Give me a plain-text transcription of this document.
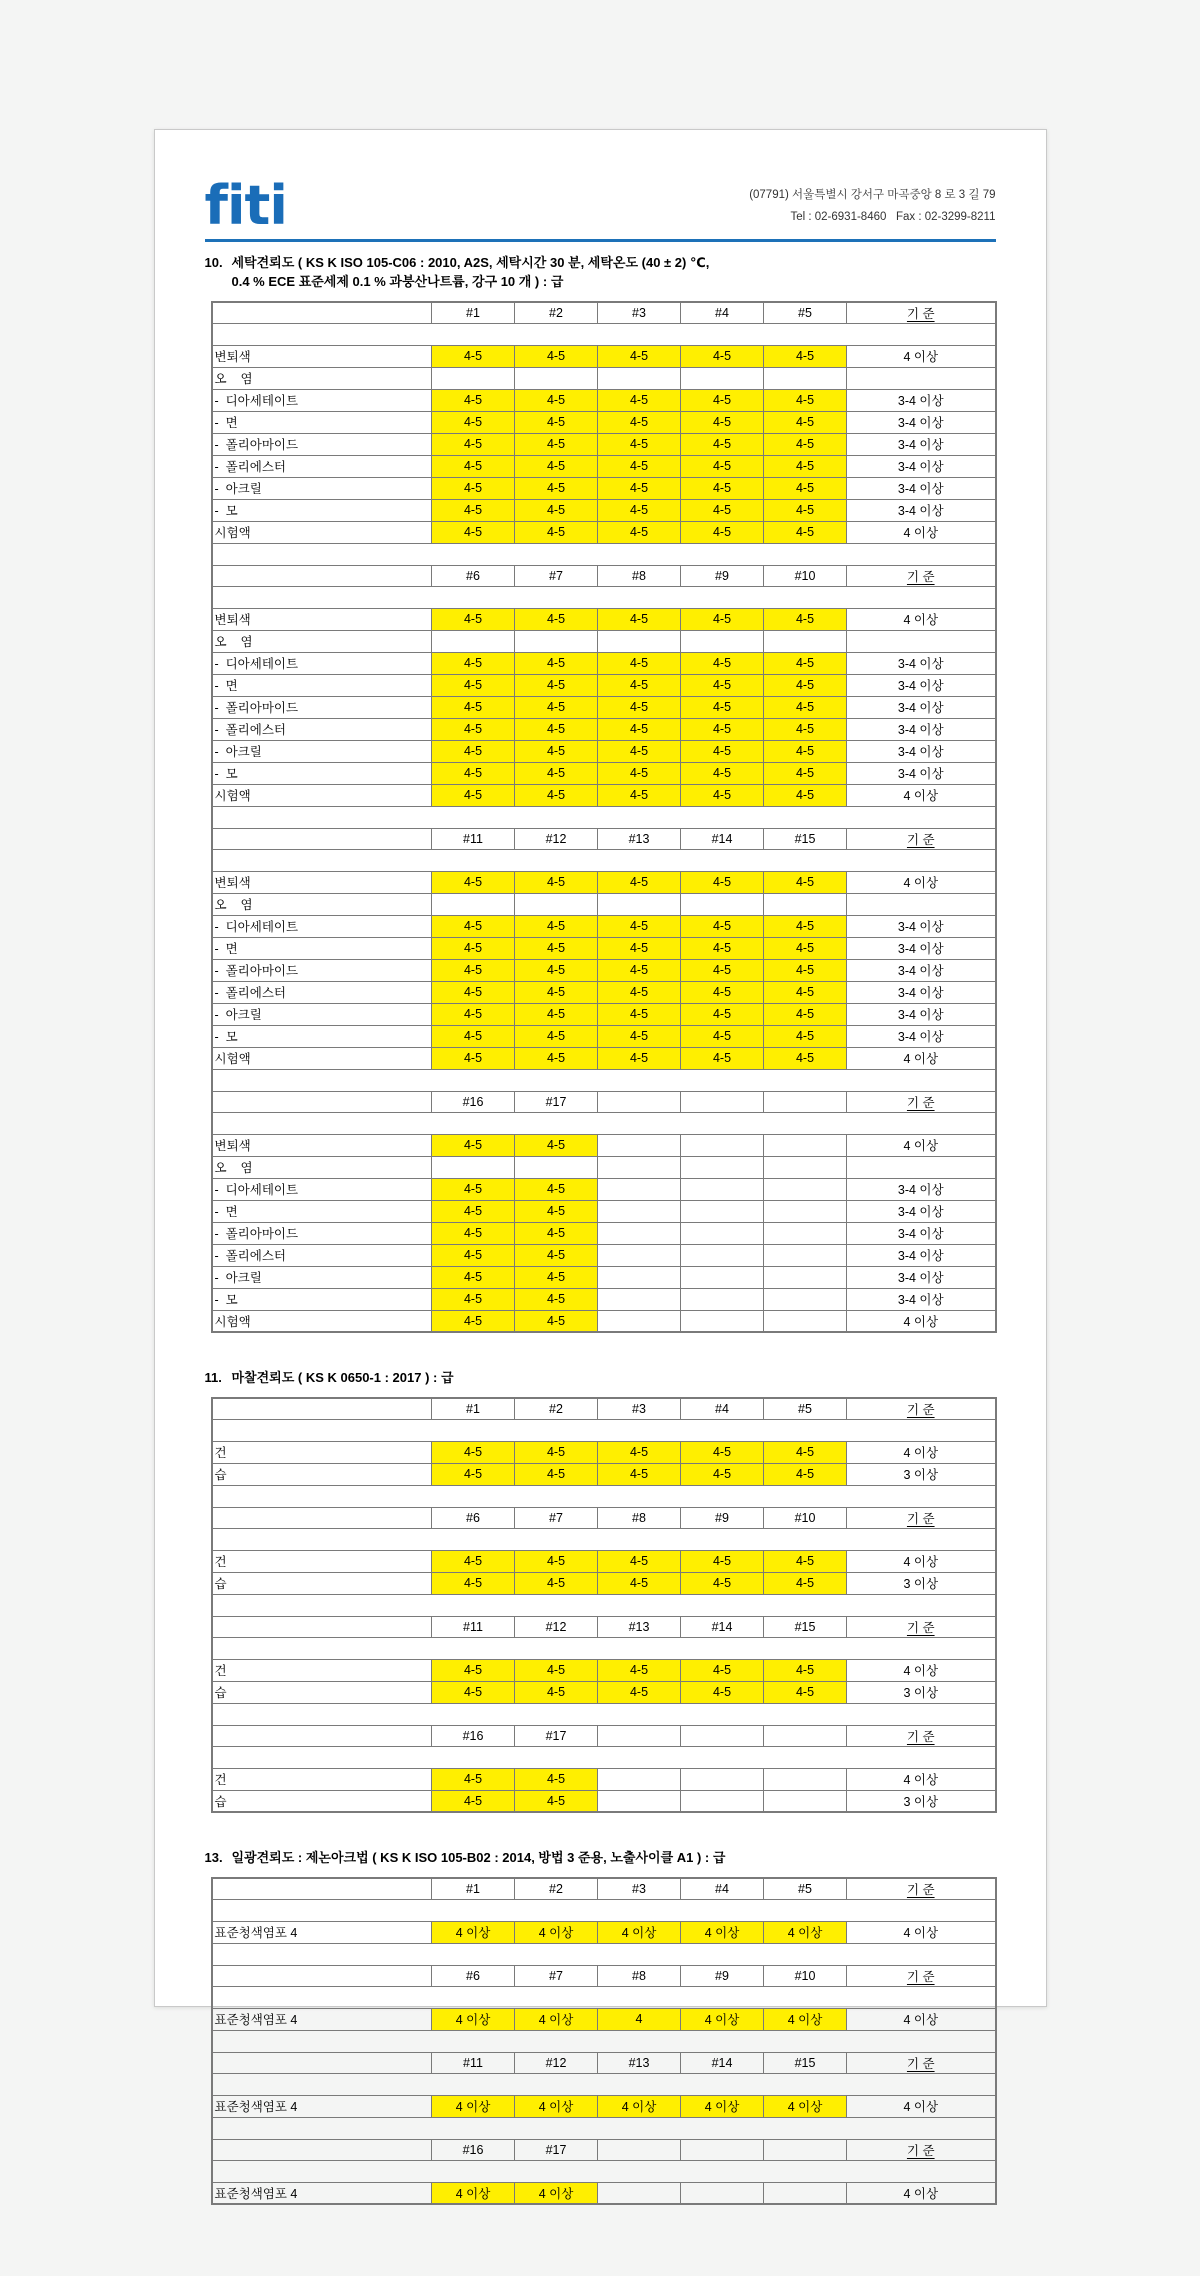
fiti	(07791) 서울특별시 강서구 마곡중앙 8 로 3 길 79
Tel : 02-6931-8460   Fax : 02-3299-8211
10. 세탁견뢰도 ( KS K ISO 105-C06 : 2010, A2S, 세탁시간 30 분, 세탁온도 (40 ± 2) ℃,
0.4 % ECE 표준세제 0.1 % 과붕산나트륨, 강구 10 개 ) : 급
	#1	#2	#3	#4	#5	기 준

변퇴색	4-5	4-5	4-5	4-5	4-5	4 이상
오    염						
-  디아세테이트	4-5	4-5	4-5	4-5	4-5	3-4 이상
-  면	4-5	4-5	4-5	4-5	4-5	3-4 이상
-  폴리아마이드	4-5	4-5	4-5	4-5	4-5	3-4 이상
-  폴리에스터	4-5	4-5	4-5	4-5	4-5	3-4 이상
-  아크릴	4-5	4-5	4-5	4-5	4-5	3-4 이상
-  모	4-5	4-5	4-5	4-5	4-5	3-4 이상
시험액	4-5	4-5	4-5	4-5	4-5	4 이상

	#6	#7	#8	#9	#10	기 준

변퇴색	4-5	4-5	4-5	4-5	4-5	4 이상
오    염						
-  디아세테이트	4-5	4-5	4-5	4-5	4-5	3-4 이상
-  면	4-5	4-5	4-5	4-5	4-5	3-4 이상
-  폴리아마이드	4-5	4-5	4-5	4-5	4-5	3-4 이상
-  폴리에스터	4-5	4-5	4-5	4-5	4-5	3-4 이상
-  아크릴	4-5	4-5	4-5	4-5	4-5	3-4 이상
-  모	4-5	4-5	4-5	4-5	4-5	3-4 이상
시험액	4-5	4-5	4-5	4-5	4-5	4 이상

	#11	#12	#13	#14	#15	기 준

변퇴색	4-5	4-5	4-5	4-5	4-5	4 이상
오    염						
-  디아세테이트	4-5	4-5	4-5	4-5	4-5	3-4 이상
-  면	4-5	4-5	4-5	4-5	4-5	3-4 이상
-  폴리아마이드	4-5	4-5	4-5	4-5	4-5	3-4 이상
-  폴리에스터	4-5	4-5	4-5	4-5	4-5	3-4 이상
-  아크릴	4-5	4-5	4-5	4-5	4-5	3-4 이상
-  모	4-5	4-5	4-5	4-5	4-5	3-4 이상
시험액	4-5	4-5	4-5	4-5	4-5	4 이상

	#16	#17				기 준

변퇴색	4-5	4-5				4 이상
오    염						
-  디아세테이트	4-5	4-5				3-4 이상
-  면	4-5	4-5				3-4 이상
-  폴리아마이드	4-5	4-5				3-4 이상
-  폴리에스터	4-5	4-5				3-4 이상
-  아크릴	4-5	4-5				3-4 이상
-  모	4-5	4-5				3-4 이상
시험액	4-5	4-5				4 이상
11. 마찰견뢰도 ( KS K 0650-1 : 2017 ) : 급
	#1	#2	#3	#4	#5	기 준

건	4-5	4-5	4-5	4-5	4-5	4 이상
습	4-5	4-5	4-5	4-5	4-5	3 이상

	#6	#7	#8	#9	#10	기 준

건	4-5	4-5	4-5	4-5	4-5	4 이상
습	4-5	4-5	4-5	4-5	4-5	3 이상

	#11	#12	#13	#14	#15	기 준

건	4-5	4-5	4-5	4-5	4-5	4 이상
습	4-5	4-5	4-5	4-5	4-5	3 이상

	#16	#17				기 준

건	4-5	4-5				4 이상
습	4-5	4-5				3 이상
13. 일광견뢰도 : 제논아크법 ( KS K ISO 105-B02 : 2014, 방법 3 준용, 노출사이클 A1 ) : 급
	#1	#2	#3	#4	#5	기 준

표준청색염포 4	4 이상	4 이상	4 이상	4 이상	4 이상	4 이상

	#6	#7	#8	#9	#10	기 준

표준청색염포 4	4 이상	4 이상	4	4 이상	4 이상	4 이상

	#11	#12	#13	#14	#15	기 준

표준청색염포 4	4 이상	4 이상	4 이상	4 이상	4 이상	4 이상

	#16	#17				기 준

표준청색염포 4	4 이상	4 이상				4 이상
